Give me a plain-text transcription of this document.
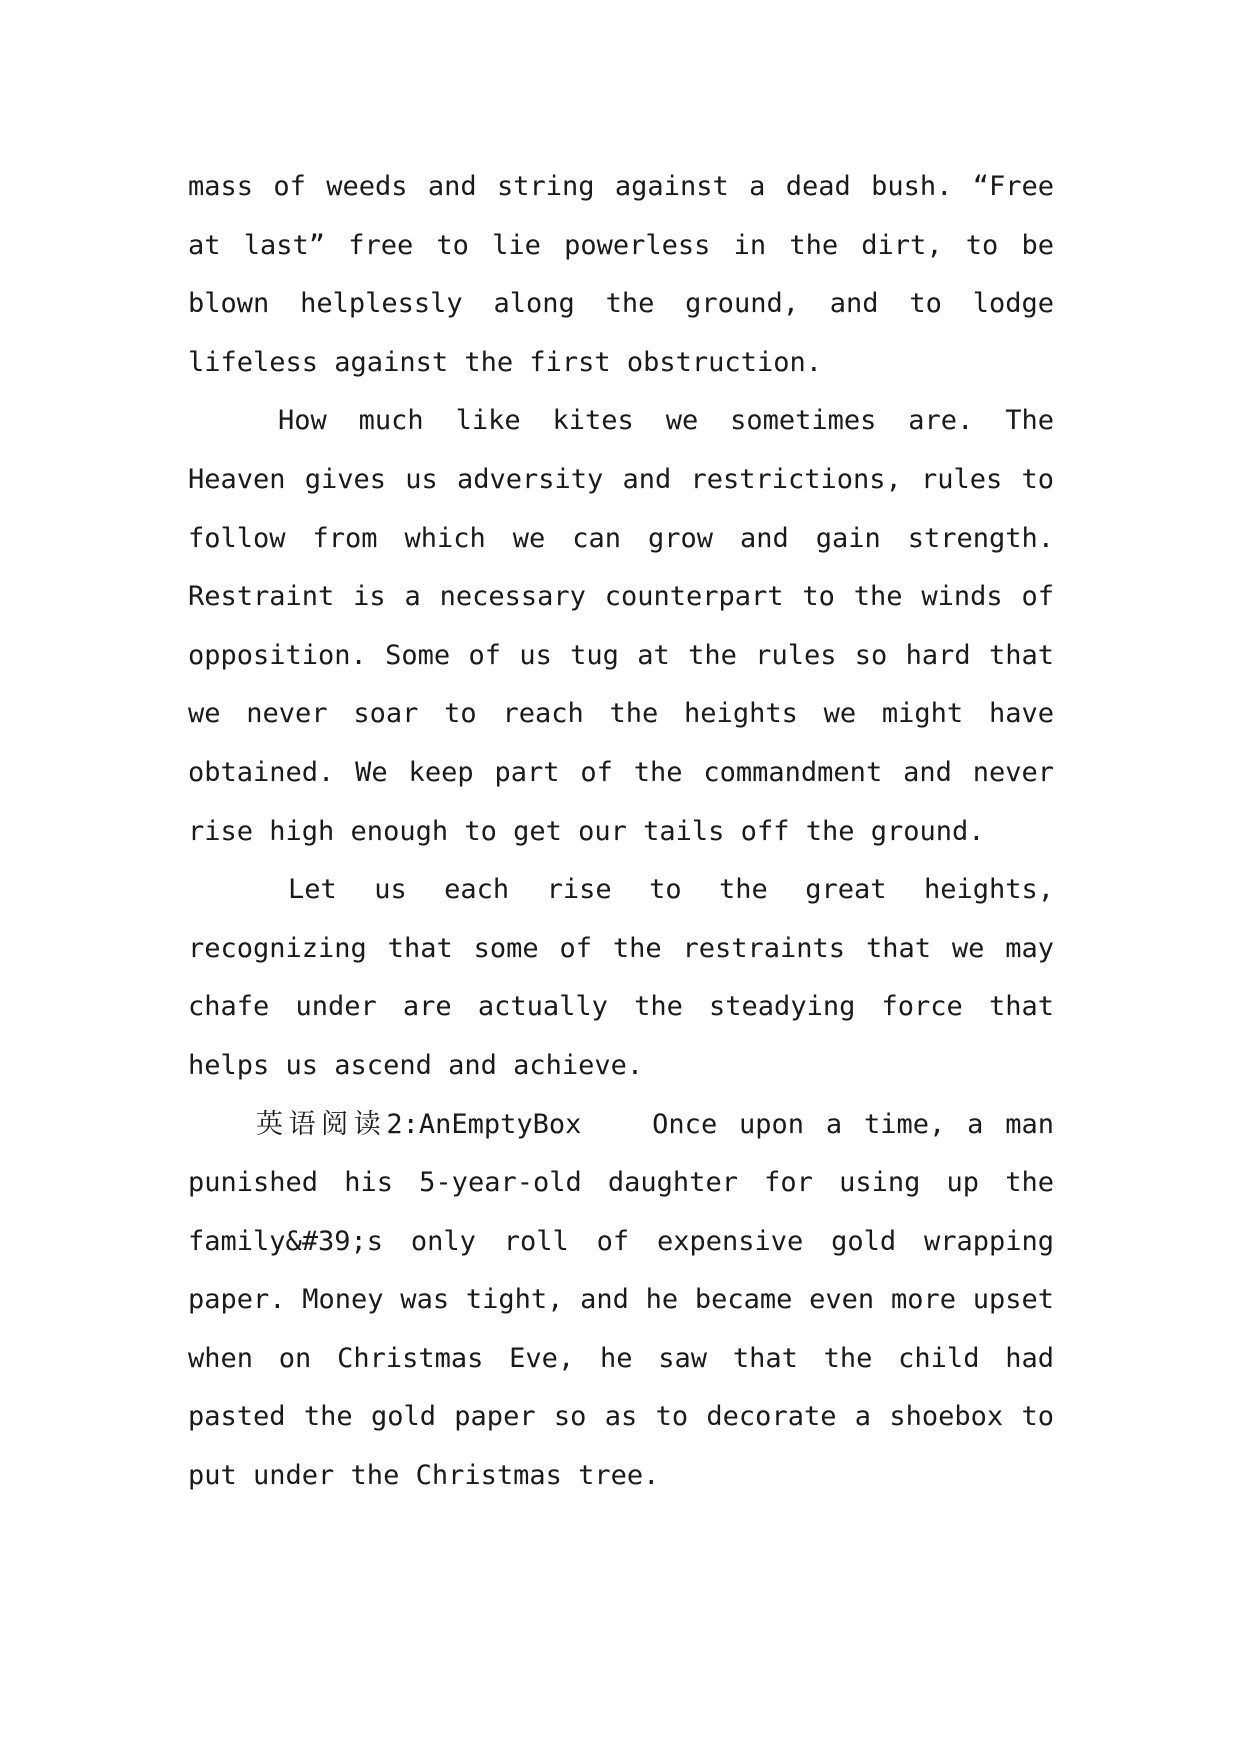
mass of weeds and string against a dead bush. “Free at last” free to lie powerless in the dirt, to be blown helplessly along the ground, and to lodge lifeless against the first obstruction.

How much like kites we sometimes are. The Heaven gives us adversity and restrictions, rules to follow from which we can grow and gain strength. Restraint is a necessary counterpart to the winds of opposition. Some of us tug at the rules so hard that we never soar to reach the heights we might have obtained. We keep part of the commandment and never rise high enough to get our tails off the ground.

Let us each rise to the great heights, recognizing that some of the restraints that we may chafe under are actually the steadying force that helps us ascend and achieve.

英语阅读2:AnEmptyBox　　Once upon a time, a man punished his 5-year-old daughter for using up the family&#39;s only roll of expensive gold wrapping paper. Money was tight, and he became even more upset when on Christmas Eve, he saw that the child had pasted the gold paper so as to decorate a shoebox to put under the Christmas tree.
